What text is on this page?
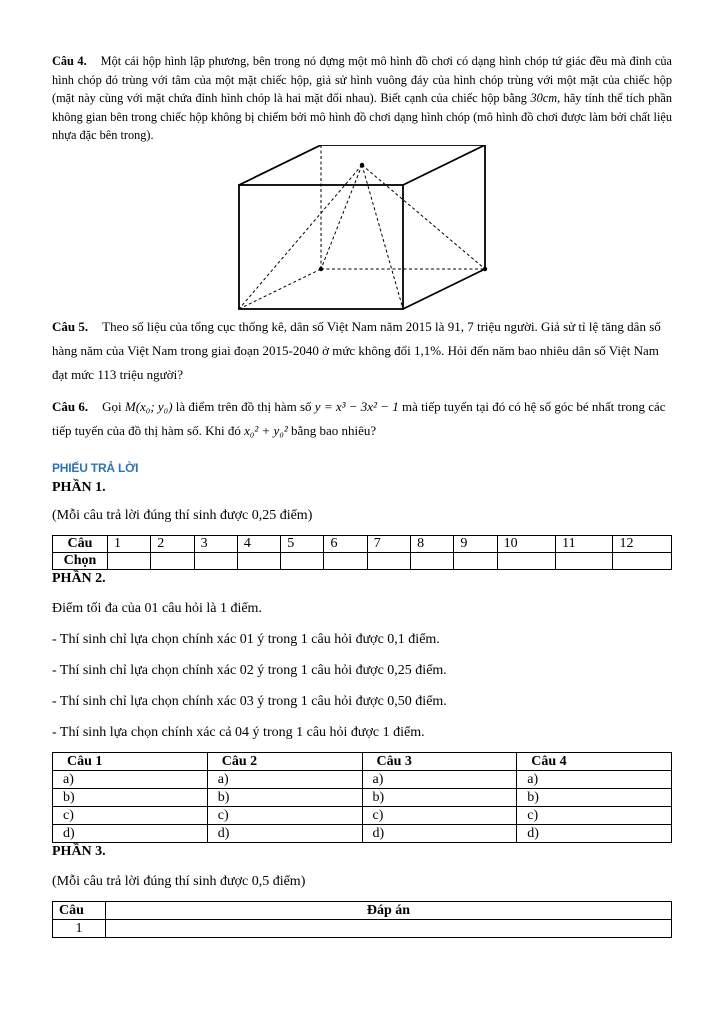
Câu 4. Một cái hộp hình lập phương, bên trong nó đựng một mô hình đồ chơi có dạng hình chóp tứ giác đều mà đỉnh của hình chóp đó trùng với tâm của một mặt chiếc hộp, giả sử hình vuông đáy của hình chóp trùng với một mặt của chiếc hộp (mặt này cùng với mặt chứa đỉnh hình chóp là hai mặt đối nhau). Biết cạnh của chiếc hộp bằng 30cm, hãy tính thể tích phần không gian bên trong chiếc hộp không bị chiếm bởi mô hình đồ chơi dạng hình chóp (mô hình đồ chơi được làm bởi chất liệu nhựa đặc bên trong).

Câu 5. Theo số liệu của tổng cục thống kê, dân số Việt Nam năm 2015 là 91, 7 triệu người. Giả sử tỉ lệ tăng dân số hàng năm của Việt Nam trong giai đoạn 2015-2040 ở mức không đổi 1,1%. Hỏi đến năm bao nhiêu dân số Việt Nam đạt mức 113 triệu người?

Câu 6. Gọi M(x₀; y₀) là điểm trên đồ thị hàm số y = x³ − 3x² − 1 mà tiếp tuyến tại đó có hệ số góc bé nhất trong các tiếp tuyến của đồ thị hàm số. Khi đó x₀² + y₀² bằng bao nhiêu?

PHIẾU TRẢ LỜI

PHẦN 1.

(Mỗi câu trả lời đúng thí sinh được 0,25 điểm)

Câu	1	2	3	4	5	6	7	8	9	10	11	12
Chọn												

PHẦN 2.

Điểm tối đa của 01 câu hỏi là 1 điểm.

- Thí sinh chỉ lựa chọn chính xác 01 ý trong 1 câu hỏi được 0,1 điểm.

- Thí sinh chỉ lựa chọn chính xác 02 ý trong 1 câu hỏi được 0,25 điểm.

- Thí sinh chỉ lựa chọn chính xác 03 ý trong 1 câu hỏi được 0,50 điểm.

- Thí sinh lựa chọn chính xác cả 04 ý trong 1 câu hỏi được 1 điểm.

Câu 1	Câu 2	Câu 3	Câu 4
a)	a)	a)	a)
b)	b)	b)	b)
c)	c)	c)	c)
d)	d)	d)	d)

PHẦN 3.

(Mỗi câu trả lời đúng thí sinh được 0,5 điểm)

Câu	Đáp án
1	
